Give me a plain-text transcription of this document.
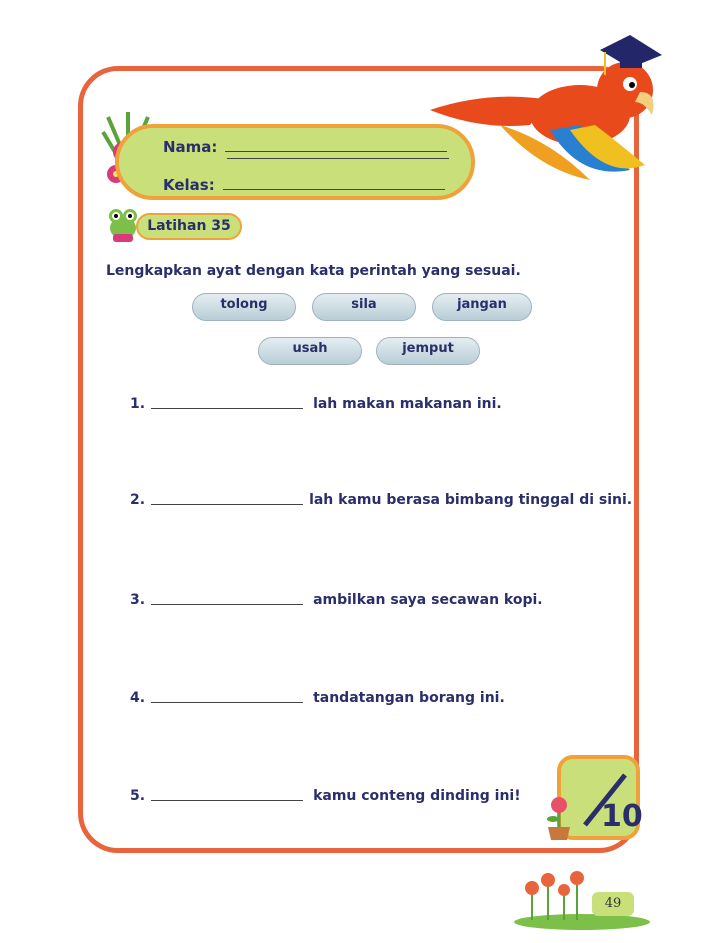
Nama:
Kelas:
Latihan 35
Lengkapkan ayat dengan kata perintah yang sesuai.
tolong	sila	jangan
usah	jemput
1.	lah makan makanan ini.
2.	lah kamu berasa bimbang tinggal di sini.
3.	ambilkan saya secawan kopi.
4.	tandatangan borang ini.
5.	kamu conteng dinding ini!
10
49
